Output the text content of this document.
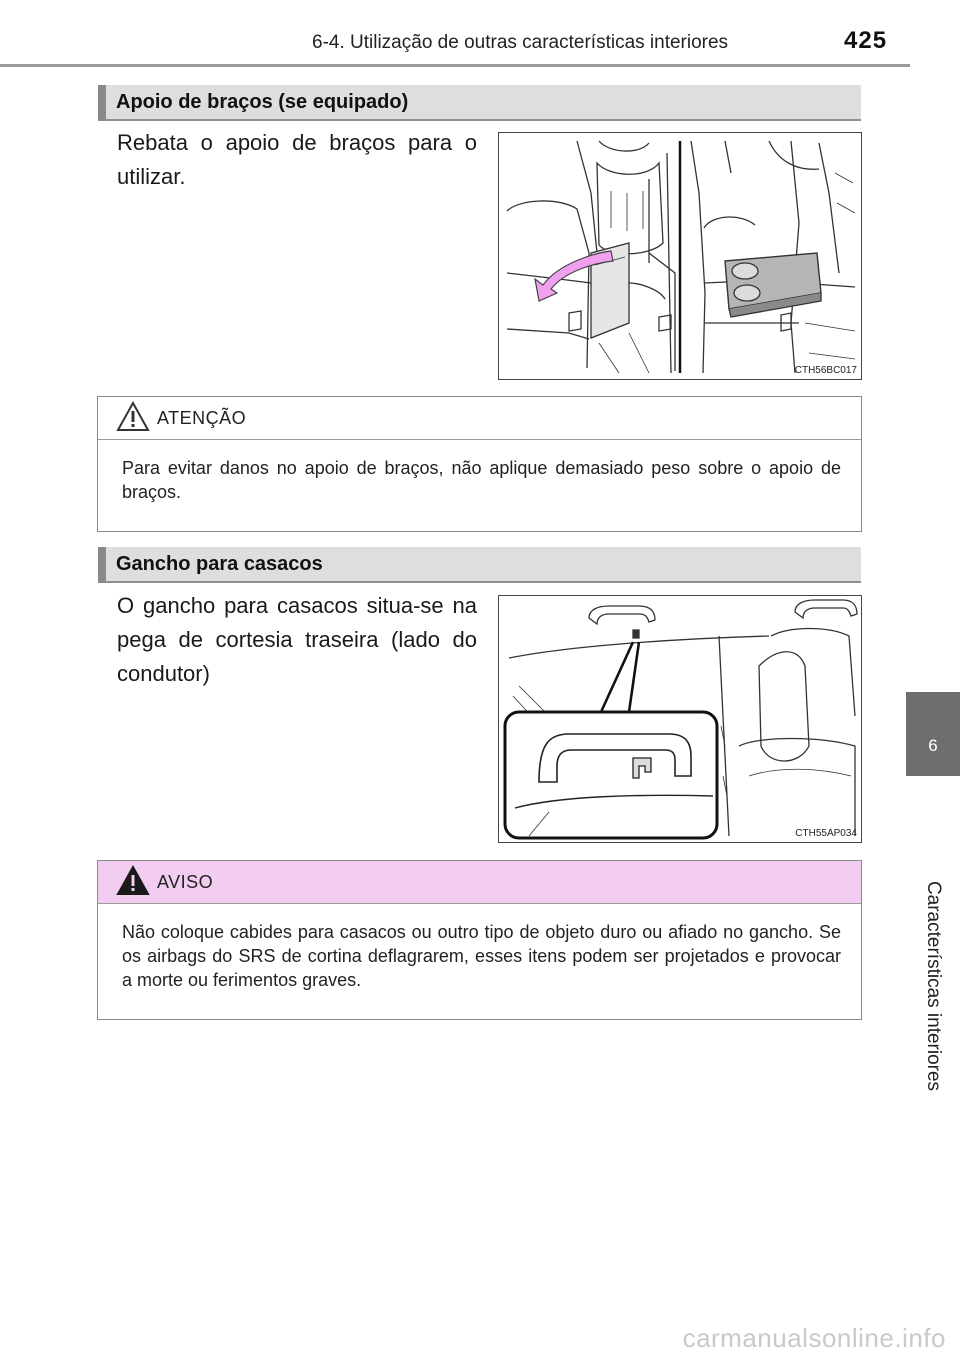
6-4. Utilização de outras características interiores	425
6
Características interiores
Apoio de braços (se equipado)
Rebata o apoio de braços para o utilizar.
CTH56BC017
ATENÇÃO
Para evitar danos no apoio de braços, não aplique demasiado peso sobre o apoio de braços.
Gancho para casacos
O gancho para casacos situa-se na pega de cortesia traseira (lado do condutor)
CTH55AP034
AVISO
Não coloque cabides para casacos ou outro tipo de objeto duro ou afiado no gancho. Se os airbags do SRS de cortina deflagrarem, esses itens podem ser projetados e provocar a morte ou ferimentos graves.
carmanualsonline.info
